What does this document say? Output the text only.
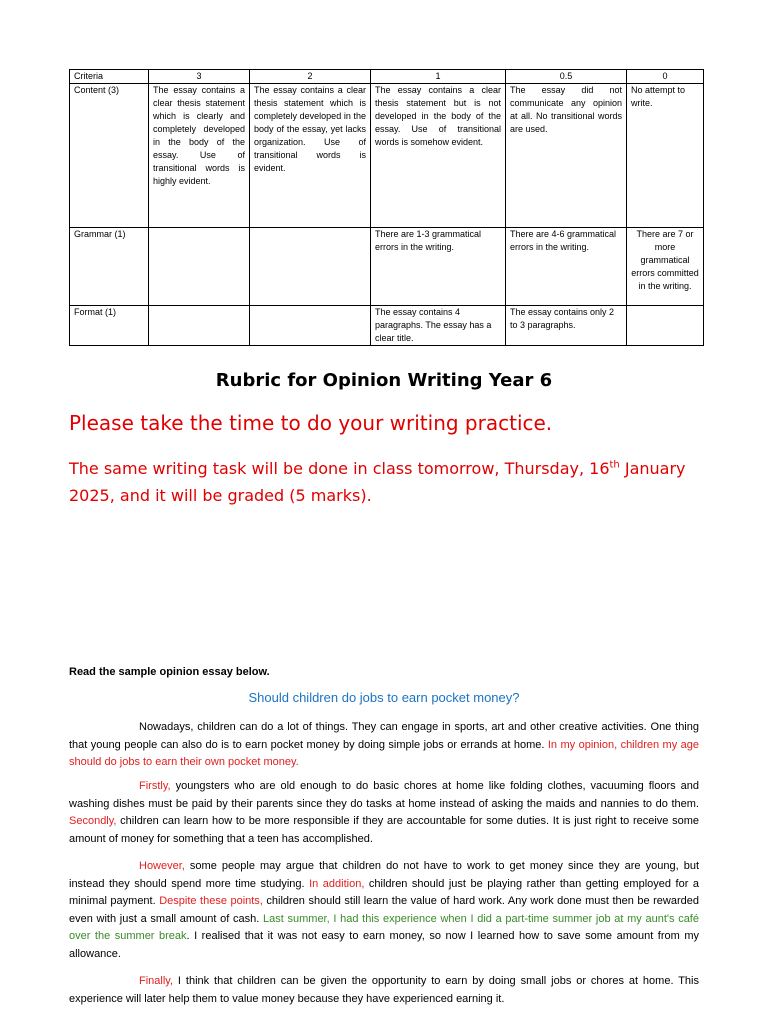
Criteria	3	2	1	0.5	0
Content (3)	The essay contains a clear thesis statement which is clearly and completely developed in the body of the essay. Use of transitional words is highly evident.	The essay contains a clear thesis statement which is completely developed in the body of the essay, yet lacks organization. Use of transitional words is evident.	The essay contains a clear thesis statement but is not developed in the body of the essay. Use of transitional words is somehow evident.	The essay did not communicate any opinion at all. No transitional words are used.	No attempt to write.
Grammar (1)			There are 1-3 grammatical errors in the writing.	There are 4-6 grammatical errors in the writing.	There are 7 or more grammatical errors committed in the writing.
Format (1)			The essay contains 4 paragraphs. The essay has a clear title.	The essay contains only 2 to 3 paragraphs.	
Rubric for Opinion Writing Year 6
Please take the time to do your writing practice.
The same writing task will be done in class tomorrow, Thursday, 16th January 2025, and it will be graded (5 marks).
Read the sample opinion essay below.
Should children do jobs to earn pocket money?
Nowadays, children can do a lot of things. They can engage in sports, art and other creative activities. One thing that young people can also do is to earn pocket money by doing simple jobs or errands at home. In my opinion, children my age should do jobs to earn their own pocket money.
Firstly, youngsters who are old enough to do basic chores at home like folding clothes, vacuuming floors and washing dishes must be paid by their parents since they do tasks at home instead of asking the maids and nannies to do them. Secondly, children can learn how to be more responsible if they are accountable for some duties. It is just right to receive some amount of money for something that a teen has accomplished.
However, some people may argue that children do not have to work to get money since they are young, but instead they should spend more time studying. In addition, children should just be playing rather than getting employed for a minimal payment. Despite these points, children should still learn the value of hard work. Any work done must then be rewarded even with just a small amount of cash. Last summer, I had this experience when I did a part-time summer job at my aunt's café over the summer break. I realised that it was not easy to earn money, so now I learned how to save some amount from my allowance.
Finally, I think that children can be given the opportunity to earn by doing small jobs or chores at home. This experience will later help them to value money because they have experienced earning it.
